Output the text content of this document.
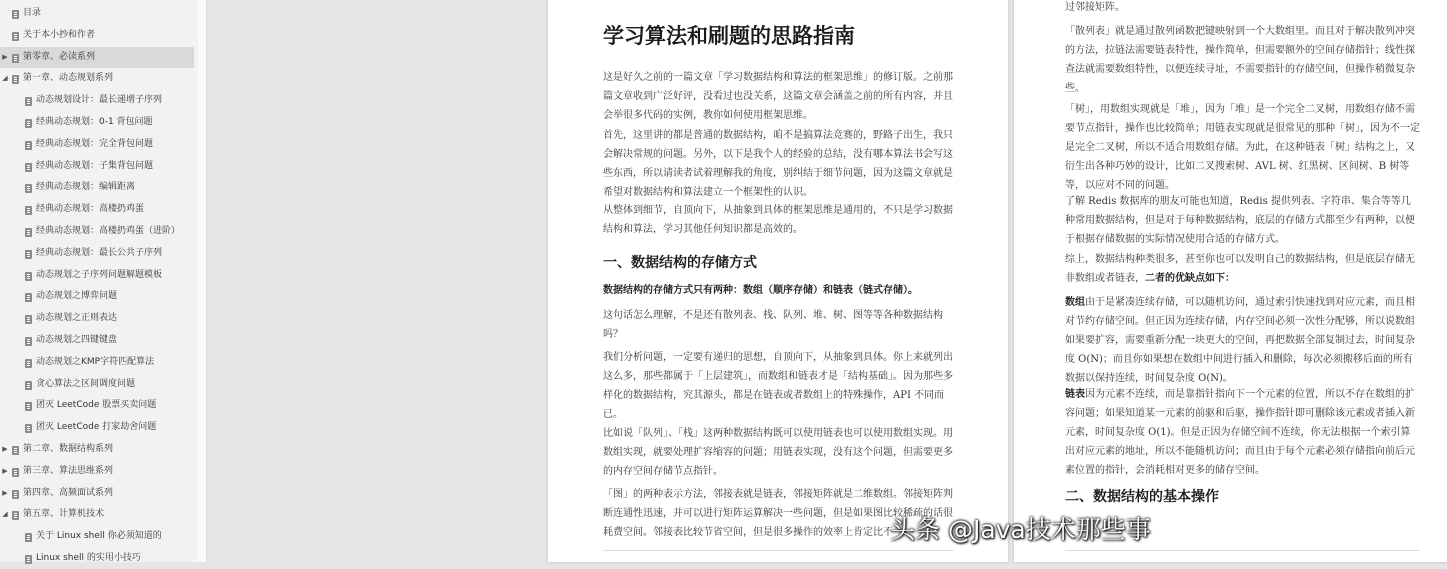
目录
关于本小抄和作者
▶ 第零章、必读系列
◢ 第一章、动态规划系列
动态规划设计：最长递增子序列
经典动态规划：0-1 背包问题
经典动态规划：完全背包问题
经典动态规划：子集背包问题
经典动态规划：编辑距离
经典动态规划：高楼扔鸡蛋
经典动态规划：高楼扔鸡蛋（进阶）
经典动态规划：最长公共子序列
动态规划之子序列问题解题模板
动态规划之博弈问题
动态规划之正则表达
动态规划之四键键盘
动态规划之KMP字符匹配算法
贪心算法之区间调度问题
团灭 LeetCode 股票买卖问题
团灭 LeetCode 打家劫舍问题
▶ 第二章、数据结构系列
▶ 第三章、算法思维系列
▶ 第四章、高频面试系列
◢ 第五章、计算机技术
关于 Linux shell 你必须知道的
Linux shell 的实用小技巧
学习算法和刷题的思路指南

这是好久之前的一篇文章「学习数据结构和算法的框架思维」的修订版。之前那篇文章收到广泛好评，没看过也没关系，这篇文章会涵盖之前的所有内容，并且会举很多代码的实例，教你如何使用框架思维。

首先，这里讲的都是普通的数据结构，咱不是搞算法竞赛的，野路子出生，我只会解决常规的问题。另外，以下是我个人的经验的总结，没有哪本算法书会写这些东西，所以请读者试着理解我的角度，别纠结于细节问题，因为这篇文章就是希望对数据结构和算法建立一个框架性的认识。

从整体到细节，自顶向下，从抽象到具体的框架思维是通用的，不只是学习数据结构和算法，学习其他任何知识都是高效的。

一、数据结构的存储方式

数据结构的存储方式只有两种：数组（顺序存储）和链表（链式存储）。

这句话怎么理解，不是还有散列表、栈、队列、堆、树、图等等各种数据结构吗？

我们分析问题，一定要有递归的思想，自顶向下，从抽象到具体。你上来就列出这么多，那些都属于「上层建筑」，而数组和链表才是「结构基础」。因为那些多样化的数据结构，究其源头，都是在链表或者数组上的特殊操作，API 不同而已。

比如说「队列」、「栈」这两种数据结构既可以使用链表也可以使用数组实现。用数组实现，就要处理扩容缩容的问题；用链表实现，没有这个问题，但需要更多的内存空间存储节点指针。

「图」的两种表示方法，邻接表就是链表，邻接矩阵就是二维数组。邻接矩阵判断连通性迅速，并可以进行矩阵运算解决一些问题，但是如果图比较稀疏的话很耗费空间。邻接表比较节省空间，但是很多操作的效率上肯定比不

过邻接矩阵。

「散列表」就是通过散列函数把键映射到一个大数组里。而且对于解决散列冲突的方法，拉链法需要链表特性，操作简单，但需要额外的空间存储指针；线性探查法就需要数组特性，以便连续寻址，不需要指针的存储空间，但操作稍微复杂些。

「树」，用数组实现就是「堆」，因为「堆」是一个完全二叉树，用数组存储不需要节点指针，操作也比较简单；用链表实现就是很常见的那种「树」，因为不一定是完全二叉树，所以不适合用数组存储。为此，在这种链表「树」结构之上，又衍生出各种巧妙的设计，比如二叉搜索树、AVL 树、红黑树、区间树、B 树等等，以应对不同的问题。

了解 Redis 数据库的朋友可能也知道，Redis 提供列表、字符串、集合等等几种常用数据结构，但是对于每种数据结构，底层的存储方式都至少有两种，以便于根据存储数据的实际情况使用合适的存储方式。

综上，数据结构种类很多，甚至你也可以发明自己的数据结构，但是底层存储无非数组或者链表，二者的优缺点如下：

数组由于是紧凑连续存储，可以随机访问，通过索引快速找到对应元素，而且相对节约存储空间。但正因为连续存储，内存空间必须一次性分配够，所以说数组如果要扩容，需要重新分配一块更大的空间，再把数据全部复制过去，时间复杂度 O(N)；而且你如果想在数组中间进行插入和删除，每次必须搬移后面的所有数据以保持连续，时间复杂度 O(N)。

链表因为元素不连续，而是靠指针指向下一个元素的位置，所以不存在数组的扩容问题；如果知道某一元素的前驱和后驱，操作指针即可删除该元素或者插入新元素，时间复杂度 O(1)。但是正因为存储空间不连续，你无法根据一个索引算出对应元素的地址，所以不能随机访问；而且由于每个元素必须存储指向前后元素位置的指针，会消耗相对更多的储存空间。

二、数据结构的基本操作
头条 @Java技术那些事
